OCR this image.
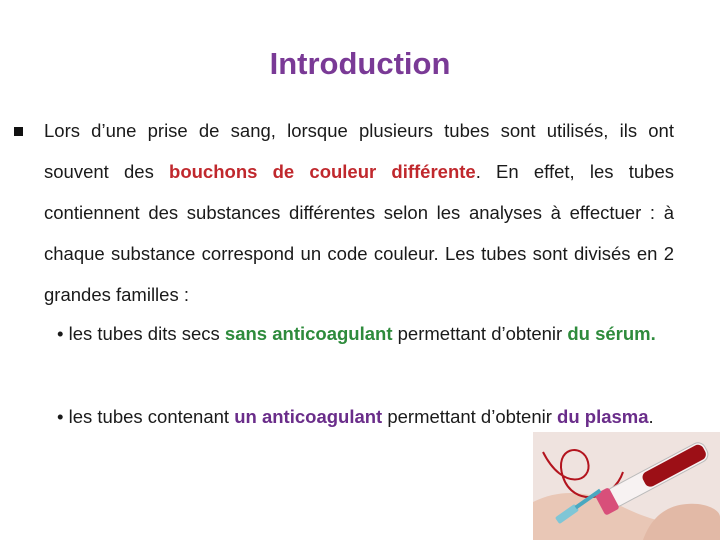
Introduction
Lors d’une prise de sang, lorsque plusieurs tubes sont utilisés, ils ont souvent des bouchons de couleur différente. En effet, les tubes contiennent des substances différentes selon les analyses à effectuer : à chaque substance correspond un code couleur. Les tubes sont divisés en 2 grandes familles :
• les tubes dits secs sans anticoagulant permettant d’obtenir du sérum.
• les tubes contenant un anticoagulant permettant d’obtenir du plasma.
